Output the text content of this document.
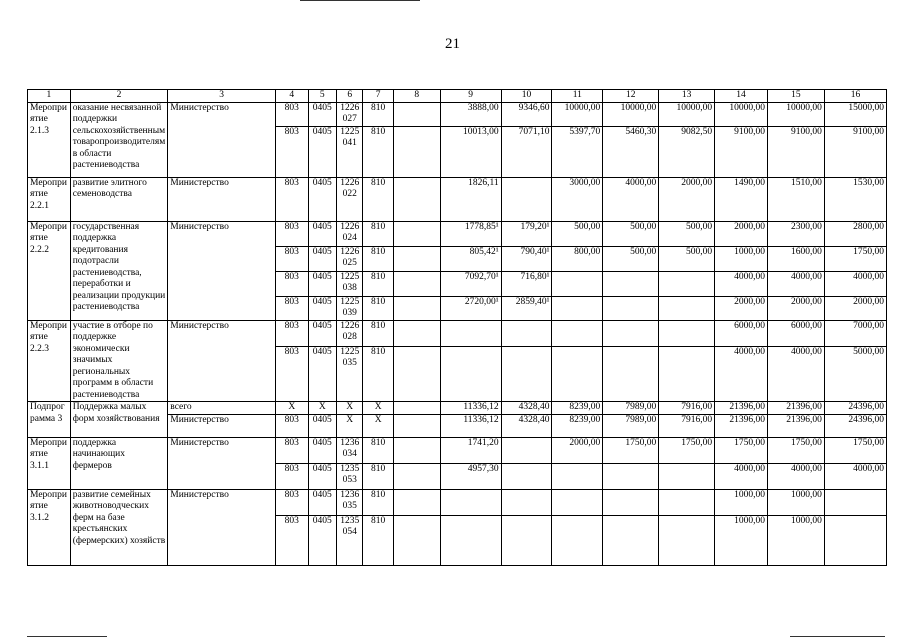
21
1	2	3	4	5	6	7	8	9	10	11	12	13	14	15	16
Мероприятие 2.1.3	оказание несвязанной поддержки сельскохозяйственным товаропроизводителям в области растениеводства	Министерство	803	0405	1226 027	810		3888,00	9346,60	10000,00	10000,00	10000,00	10000,00	10000,00	15000,00
			803	0405	1225 041	810		10013,00	7071,10	5397,70	5460,30	9082,50	9100,00	9100,00	9100,00
Мероприятие 2.2.1	развитие элитного семеноводства	Министерство	803	0405	1226 022	810		1826,11		3000,00	4000,00	2000,00	1490,00	1510,00	1530,00
Мероприятие 2.2.2	государственная поддержка кредитования подотрасли растениеводства, переработки и реализации продукции растениеводства	Министерство	803	0405	1226 024	810		1778,85¹	179,20¹	500,00	500,00	500,00	2000,00	2300,00	2800,00
			803	0405	1226 025	810		805,42¹	790,40¹	800,00	500,00	500,00	1000,00	1600,00	1750,00
			803	0405	1225 038	810		7092,70¹	716,80¹				4000,00	4000,00	4000,00
			803	0405	1225 039	810		2720,00¹	2859,40¹				2000,00	2000,00	2000,00
Мероприятие 2.2.3	участие в отборе по поддержке экономически значимых региональных программ в области растениеводства	Министерство	803	0405	1226 028	810							6000,00	6000,00	7000,00
			803	0405	1225 035	810							4000,00	4000,00	5000,00
Подпрограмма 3	Поддержка малых форм хозяйствования	всего	Х	Х	Х	Х		11336,12	4328,40	8239,00	7989,00	7916,00	21396,00	21396,00	24396,00
		Министерство	803	0405	Х	Х		11336,12	4328,40	8239,00	7989,00	7916,00	21396,00	21396,00	24396,00
Мероприятие 3.1.1	поддержка начинающих фермеров	Министерство	803	0405	1236 034	810		1741,20		2000,00	1750,00	1750,00	1750,00	1750,00	1750,00
			803	0405	1235 053	810		4957,30					4000,00	4000,00	4000,00
Мероприятие 3.1.2	развитие семейных животноводческих ферм на базе крестьянских (фермерских) хозяйств	Министерство	803	0405	1236 035	810							1000,00	1000,00	
			803	0405	1235 054	810							1000,00	1000,00	
